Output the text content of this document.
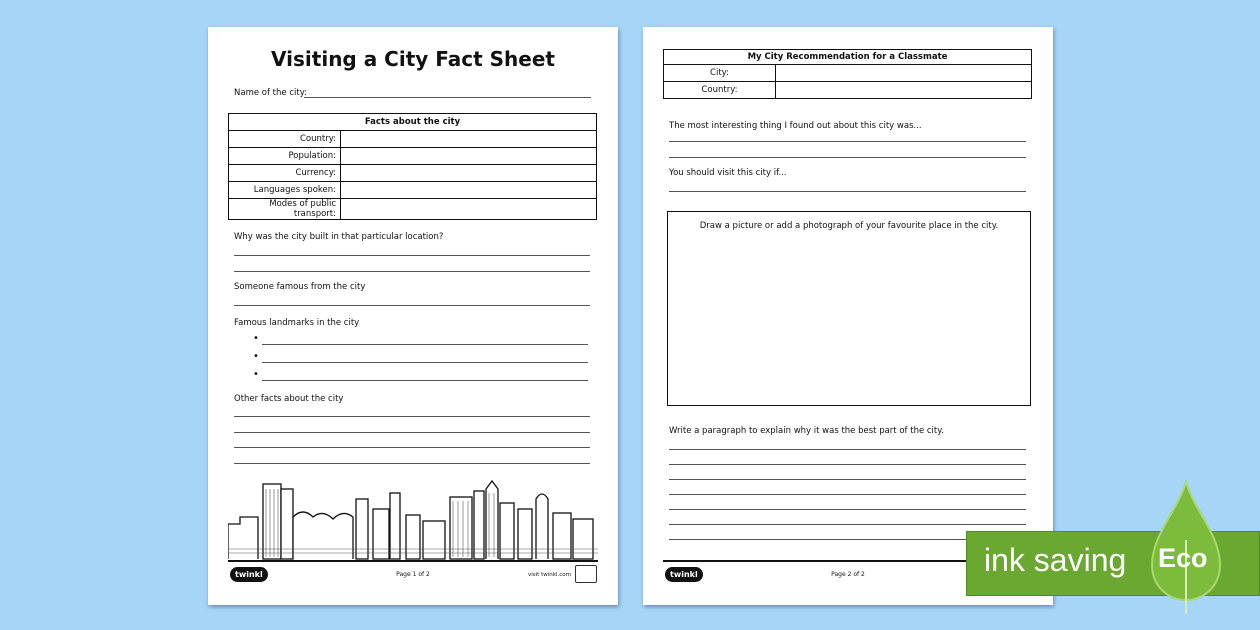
Visiting a City Fact Sheet
Name of the city:
Facts about the city	
Country:	
Population:	
Currency:	
Languages spoken:	
Modes of public transport:	
Why was the city built in that particular location?
Someone famous from the city
Famous landmarks in the city
•
•
•
Other facts about the city
twinkl	Page 1 of 2	visit twinkl.com
My City Recommendation for a Classmate	
City:	
Country:	
The most interesting thing I found out about this city was...
You should visit this city if...
Draw a picture or add a photograph of your favourite place in the city.
Write a paragraph to explain why it was the best part of the city.
twinkl	Page 2 of 2	ink saving Eco
